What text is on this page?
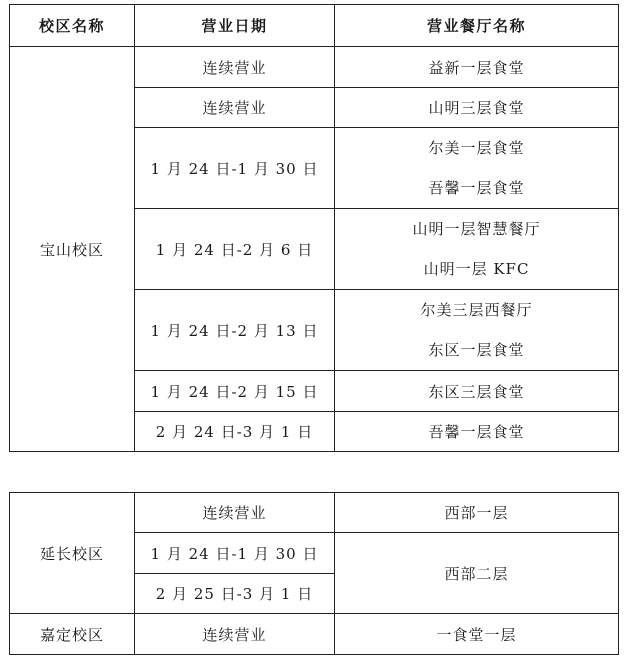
校区名称	营业日期	营业餐厅名称
宝山校区	连续营业	益新一层食堂
	连续营业	山明三层食堂
	1 月 24 日-1 月 30 日	尔美一层食堂
吾馨一层食堂

	1 月 24 日-2 月 6 日	山明一层智慧餐厅
山明一层 KFC

	1 月 24 日-2 月 13 日	尔美三层西餐厅
东区一层食堂

	1 月 24 日-2 月 15 日	东区三层食堂
	2 月 24 日-3 月 1 日	吾馨一层食堂

延长校区	连续营业	西部一层
	1 月 24 日-1 月 30 日	西部二层
	2 月 25 日-3 月 1 日	
嘉定校区	连续营业	一食堂一层
